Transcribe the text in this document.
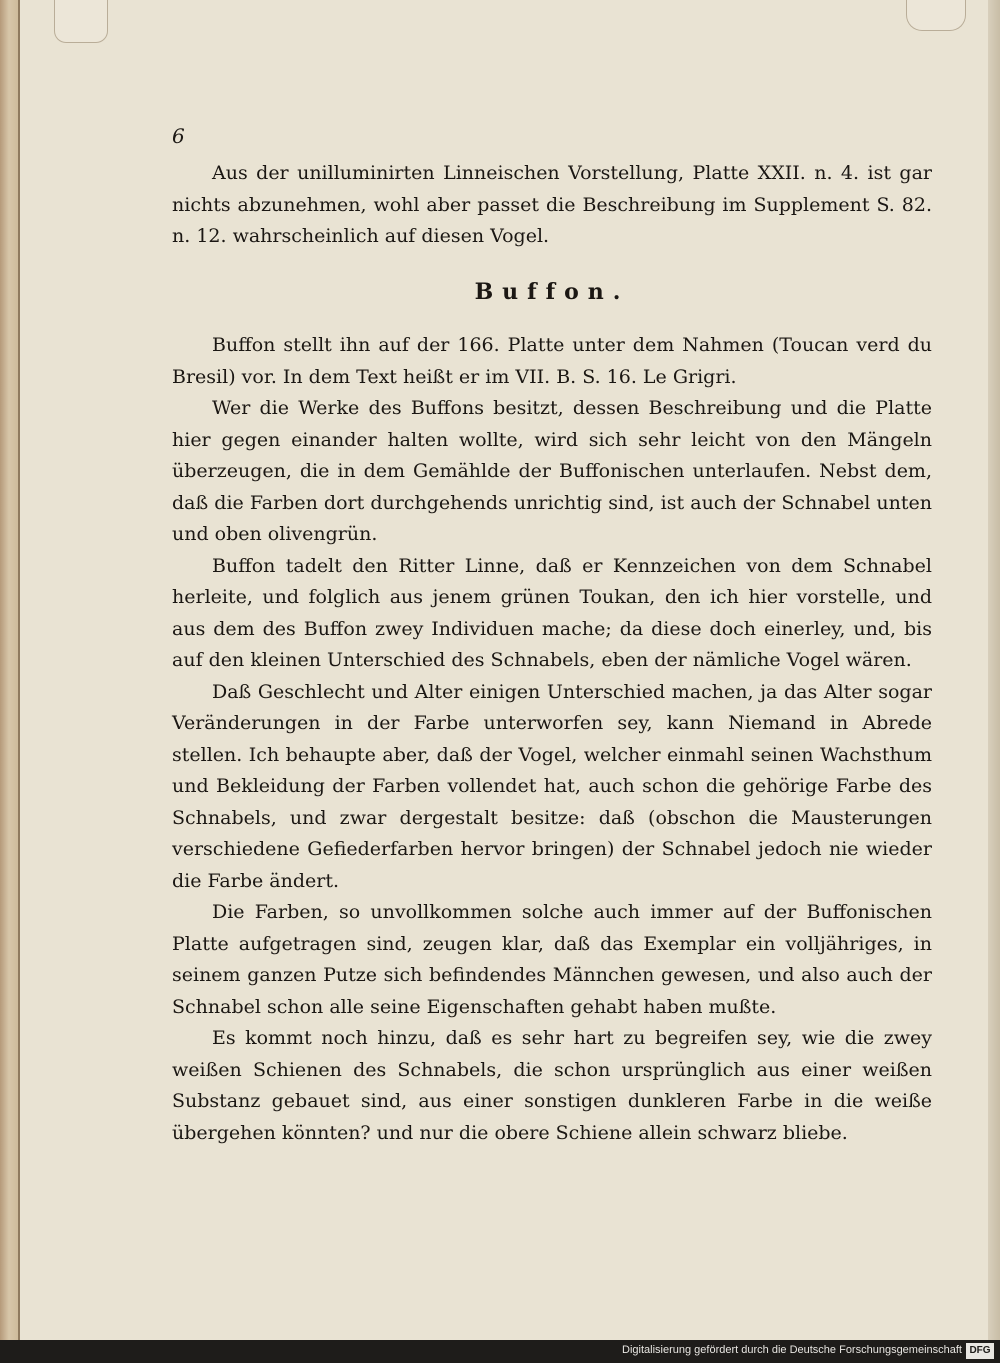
6

Aus der unilluminirten Linneischen Vorstellung, Platte XXII. n. 4. ist gar nichts abzunehmen, wohl aber passet die Beschreibung im Supplement S. 82. n. 12. wahrscheinlich auf diesen Vogel.

Buffon.

Buffon stellt ihn auf der 166. Platte unter dem Nahmen (Toucan verd du Bresil) vor. In dem Text heißt er im VII. B. S. 16. Le Grigri.

Wer die Werke des Buffons besitzt, dessen Beschreibung und die Platte hier gegen einander halten wollte, wird sich sehr leicht von den Mängeln überzeugen, die in dem Gemählde der Buffonischen unterlaufen. Nebst dem, daß die Farben dort durchgehends unrichtig sind, ist auch der Schnabel unten und oben olivengrün.

Buffon tadelt den Ritter Linne, daß er Kennzeichen von dem Schnabel herleite, und folglich aus jenem grünen Toukan, den ich hier vorstelle, und aus dem des Buffon zwey Individuen mache; da diese doch einerley, und, bis auf den kleinen Unterschied des Schnabels, eben der nämliche Vogel wären.

Daß Geschlecht und Alter einigen Unterschied machen, ja das Alter sogar Veränderungen in der Farbe unterworfen sey, kann Niemand in Abrede stellen. Ich behaupte aber, daß der Vogel, welcher einmahl seinen Wachsthum und Bekleidung der Farben vollendet hat, auch schon die gehörige Farbe des Schnabels, und zwar dergestalt besitze: daß (obschon die Mausterungen verschiedene Gefiederfarben hervor bringen) der Schnabel jedoch nie wieder die Farbe ändert.

Die Farben, so unvollkommen solche auch immer auf der Buffonischen Platte aufgetragen sind, zeugen klar, daß das Exemplar ein volljähriges, in seinem ganzen Putze sich befindendes Männchen gewesen, und also auch der Schnabel schon alle seine Eigenschaften gehabt haben mußte.

Es kommt noch hinzu, daß es sehr hart zu begreifen sey, wie die zwey weißen Schienen des Schnabels, die schon ursprünglich aus einer weißen Substanz gebauet sind, aus einer sonstigen dunkleren Farbe in die weiße übergehen könnten? und nur die obere Schiene allein schwarz bliebe.

Digitalisierung gefördert durch die Deutsche Forschungsgemeinschaft DFG
